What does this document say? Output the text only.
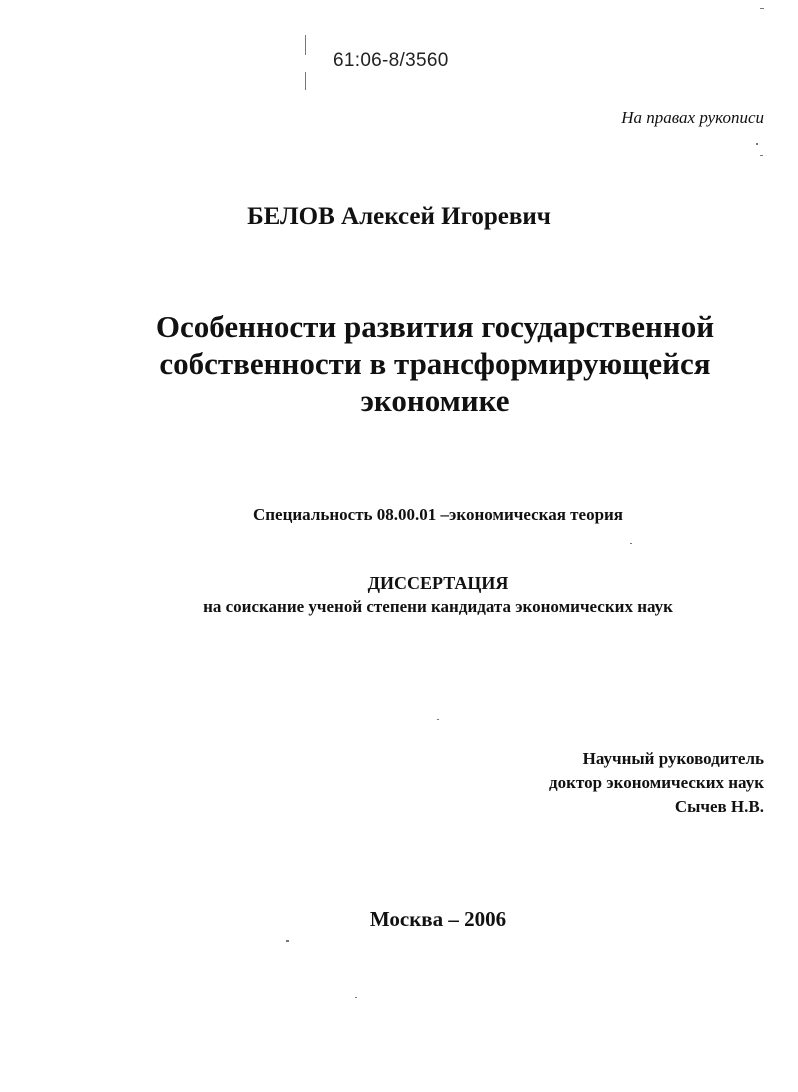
61:06-8/3560
На правах рукописи
БЕЛОВ Алексей Игоревич
Особенности развития государственной
собственности в трансформирующейся
экономике
Специальность 08.00.01 –экономическая теория
ДИССЕРТАЦИЯ
на соискание ученой степени кандидата экономических наук
Научный руководитель
доктор экономических наук
Сычев Н.В.
Москва – 2006
